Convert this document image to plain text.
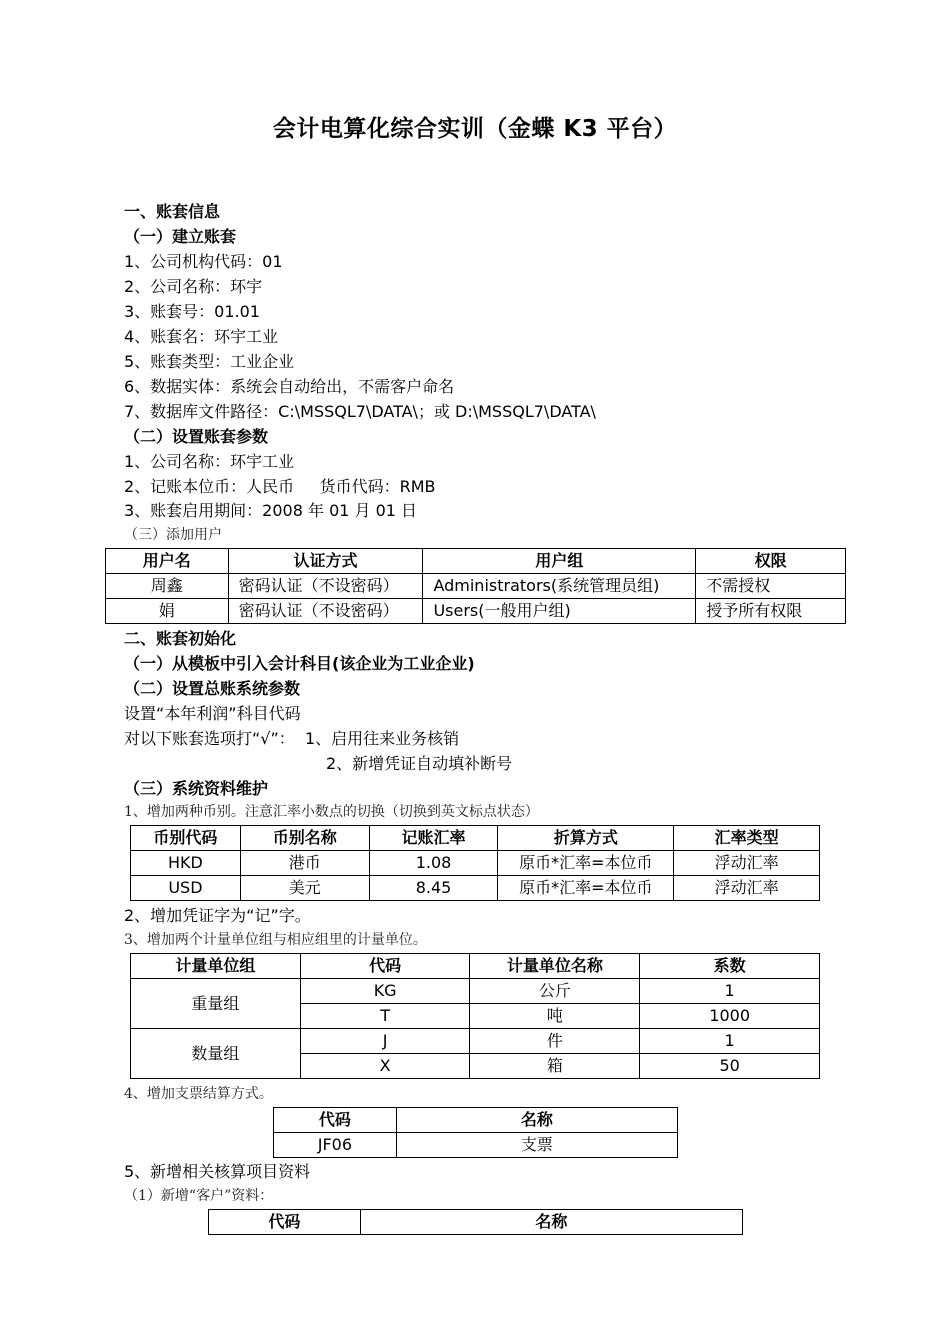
会计电算化综合实训（金蝶 K3 平台）
一、账套信息
（一）建立账套
1、公司机构代码：01
2、公司名称：环宇
3、账套号：01.01
4、账套名：环宇工业
5、账套类型：工业企业
6、数据实体：系统会自动给出，不需客户命名
7、数据库文件路径：C:\MSSQL7\DATA\；或 D:\MSSQL7\DATA\
（二）设置账套参数
1、公司名称：环宇工业
2、记账本位币：人民币     货币代码：RMB
3、账套启用期间：2008 年 01 月 01 日
（三）添加用户
用户名	认证方式	用户组	权限
周鑫	密码认证（不设密码）	Administrators(系统管理员组)	不需授权
娟	密码认证（不设密码）	Users(一般用户组)	授予所有权限
二、账套初始化
（一）从模板中引入会计科目(该企业为工业企业)
（二）设置总账系统参数
设置“本年利润”科目代码
对以下账套选项打“√”：  1、启用往来业务核销
2、新增凭证自动填补断号
（三）系统资料维护
1、增加两种币别。注意汇率小数点的切换（切换到英文标点状态）
币别代码	币别名称	记账汇率	折算方式	汇率类型
HKD	港币	1.08	原币*汇率=本位币	浮动汇率
USD	美元	8.45	原币*汇率=本位币	浮动汇率
2、增加凭证字为“记”字。
3、增加两个计量单位组与相应组里的计量单位。
计量单位组	代码	计量单位名称	系数
重量组	KG	公斤	1
	T	吨	1000
数量组	J	件	1
	X	箱	50
4、增加支票结算方式。
代码	名称
JF06	支票
5、新增相关核算项目资料
（1）新增“客户”资料：
代码	名称
